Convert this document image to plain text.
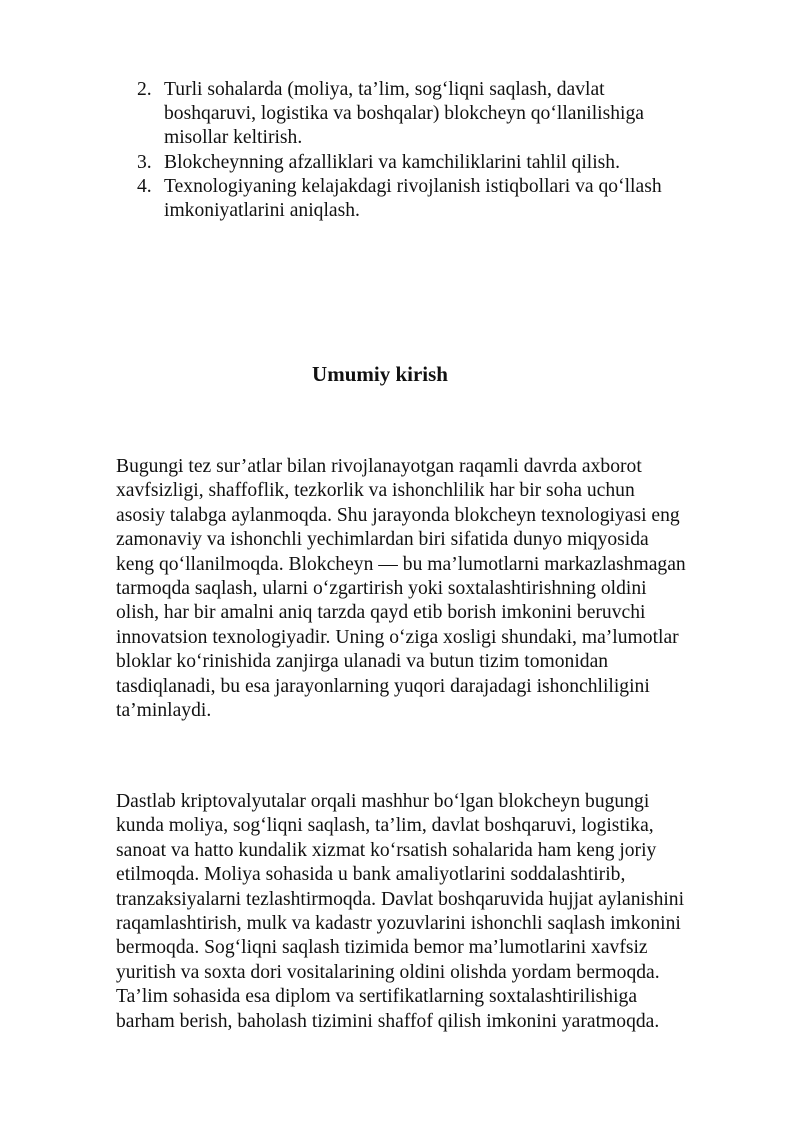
2. Turli sohalarda (moliya, ta’lim, sog‘liqni saqlash, davlat
boshqaruvi, logistika va boshqalar) blokcheyn qo‘llanilishiga
misollar keltirish.
3. Blokcheynning afzalliklari va kamchiliklarini tahlil qilish.
4. Texnologiyaning kelajakdagi rivojlanish istiqbollari va qo‘llash
imkoniyatlarini aniqlash.
Umumiy kirish

Bugungi tez sur’atlar bilan rivojlanayotgan raqamli davrda axborot
xavfsizligi, shaffoflik, tezkorlik va ishonchlilik har bir soha uchun
asosiy talabga aylanmoqda. Shu jarayonda blokcheyn texnologiyasi eng
zamonaviy va ishonchli yechimlardan biri sifatida dunyo miqyosida
keng qo‘llanilmoqda. Blokcheyn — bu ma’lumotlarni markazlashmagan
tarmoqda saqlash, ularni o‘zgartirish yoki soxtalashtirishning oldini
olish, har bir amalni aniq tarzda qayd etib borish imkonini beruvchi
innovatsion texnologiyadir. Uning o‘ziga xosligi shundaki, ma’lumotlar
bloklar ko‘rinishida zanjirga ulanadi va butun tizim tomonidan
tasdiqlanadi, bu esa jarayonlarning yuqori darajadagi ishonchliligini
ta’minlaydi.

Dastlab kriptovalyutalar orqali mashhur bo‘lgan blokcheyn bugungi
kunda moliya, sog‘liqni saqlash, ta’lim, davlat boshqaruvi, logistika,
sanoat va hatto kundalik xizmat ko‘rsatish sohalarida ham keng joriy
etilmoqda. Moliya sohasida u bank amaliyotlarini soddalashtirib,
tranzaksiyalarni tezlashtirmoqda. Davlat boshqaruvida hujjat aylanishini
raqamlashtirish, mulk va kadastr yozuvlarini ishonchli saqlash imkonini
bermoqda. Sog‘liqni saqlash tizimida bemor ma’lumotlarini xavfsiz
yuritish va soxta dori vositalarining oldini olishda yordam bermoqda.
Ta’lim sohasida esa diplom va sertifikatlarning soxtalashtirilishiga
barham berish, baholash tizimini shaffof qilish imkonini yaratmoqda.
